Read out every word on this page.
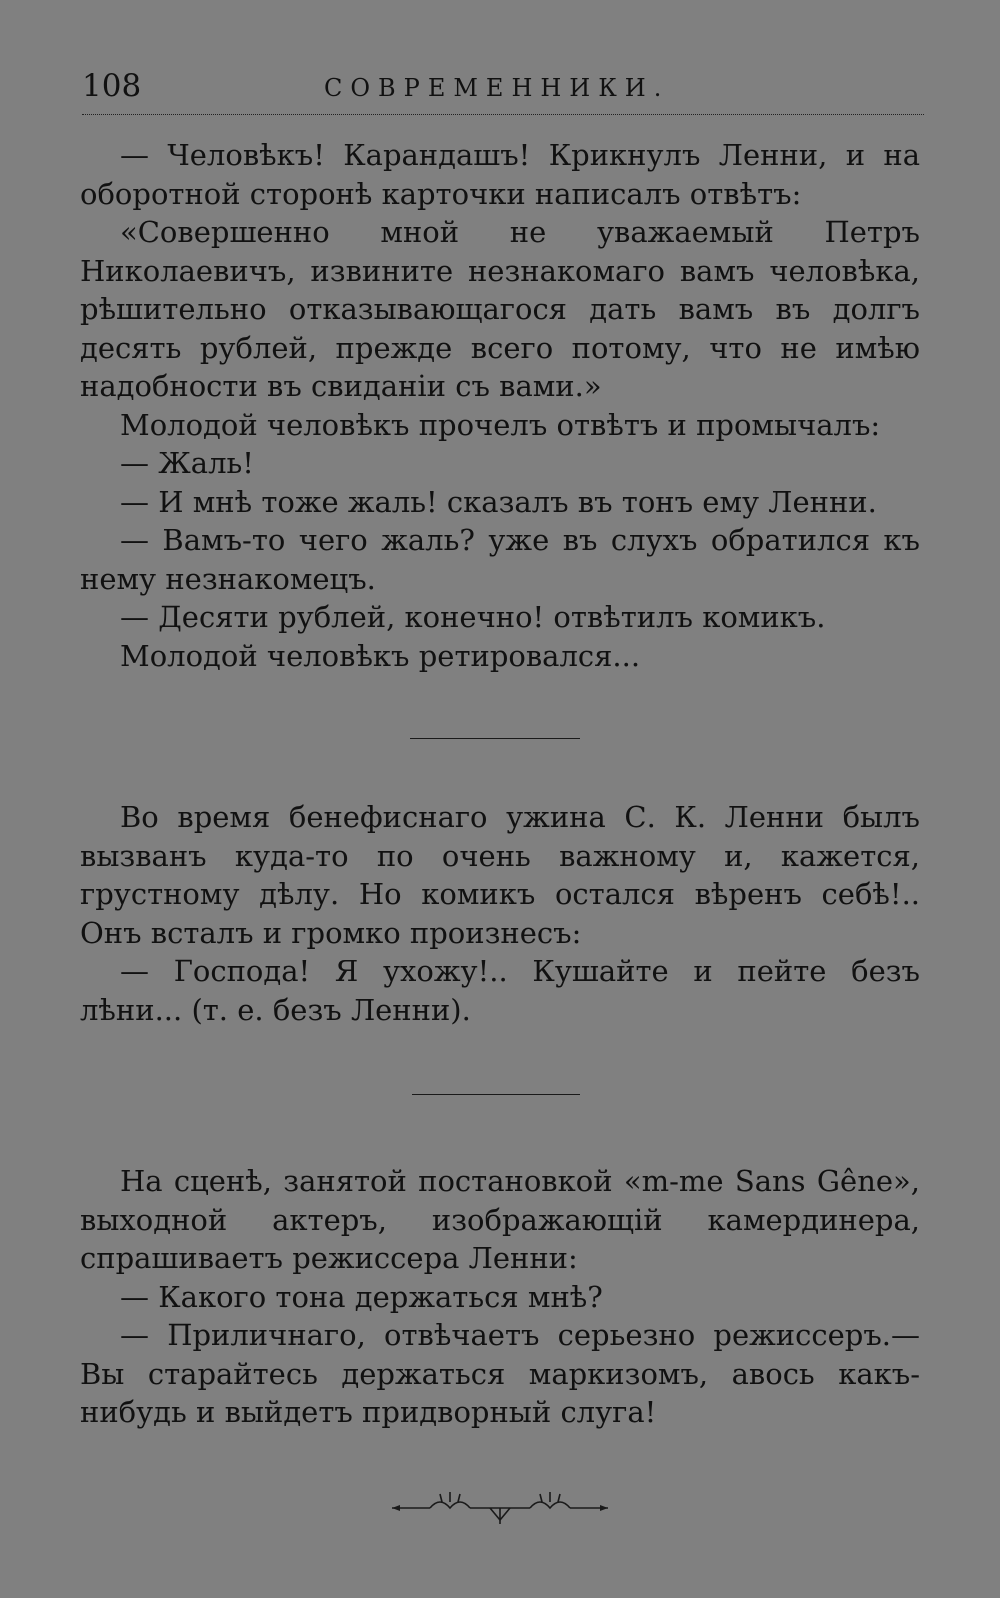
108	СОВРЕМЕННИКИ.

— Человѣкъ! Карандашъ! Крикнулъ Ленни, и на оборотной сторонѣ карточки написалъ отвѣтъ:

«Совершенно мной не уважаемый Петръ Николаевичъ, извините незнакомаго вамъ человѣка, рѣшительно отказывающагося дать вамъ въ долгъ десять рублей, прежде всего потому, что не имѣю надобности въ свиданіи съ вами.»

Молодой человѣкъ прочелъ отвѣтъ и промычалъ:

— Жаль!

— И мнѣ тоже жаль! сказалъ въ тонъ ему Ленни.

— Вамъ-то чего жаль? уже въ слухъ обратился къ нему незнакомецъ.

— Десяти рублей, конечно! отвѣтилъ комикъ.

Молодой человѣкъ ретировался...

Во время бенефиснаго ужина С. К. Ленни былъ вызванъ куда-то по очень важному и, кажется, грустному дѣлу. Но комикъ остался вѣренъ себѣ!.. Онъ всталъ и громко произнесъ:

— Господа! Я ухожу!.. Кушайте и пейте безъ лѣни... (т. е. безъ Ленни).

На сценѣ, занятой постановкой «m-me Sans Gêne», выходной актеръ, изображающій камердинера, спрашиваетъ режиссера Ленни:

— Какого тона держаться мнѣ?

— Приличнаго, отвѣчаетъ серьезно режиссеръ.—Вы старайтесь держаться маркизомъ, авось какъ-нибудь и выйдетъ придворный слуга!
